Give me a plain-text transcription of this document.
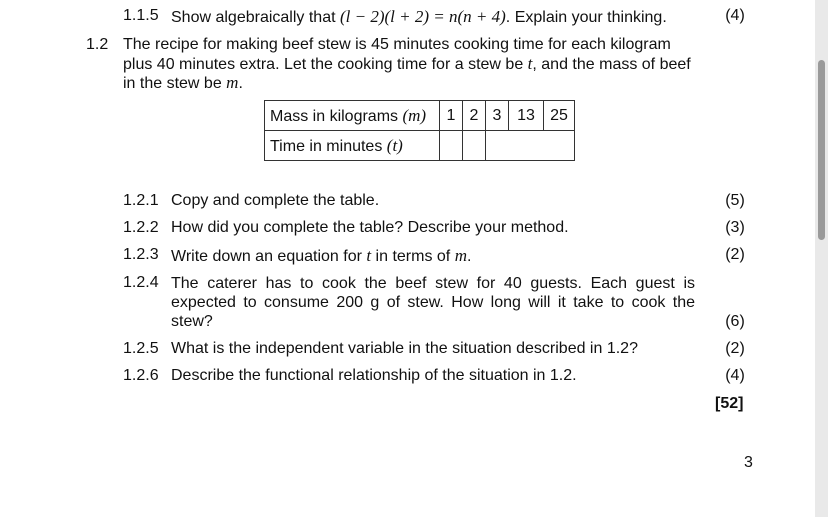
1.1.5 Show algebraically that (l − 2)(l + 2) = n(n + 4). Explain your thinking.	(4)
1.2 The recipe for making beef stew is 45 minutes cooking time for each kilogram
plus 40 minutes extra. Let the cooking time for a stew be t, and the mass of beef
in the stew be m.
Mass in kilograms (m)	1	2	3	13	25
Time in minutes (t)					
1.2.1 Copy and complete the table.	(5)
1.2.2 How did you complete the table? Describe your method.	(3)
1.2.3 Write down an equation for t in terms of m.	(2)
1.2.4 The caterer has to cook the beef stew for 40 guests. Each guest is
expected to consume 200 g of stew. How long will it take to cook the
stew?	(6)
1.2.5 What is the independent variable in the situation described in 1.2?	(2)
1.2.6 Describe the functional relationship of the situation in 1.2.	(4)
[52]
3
